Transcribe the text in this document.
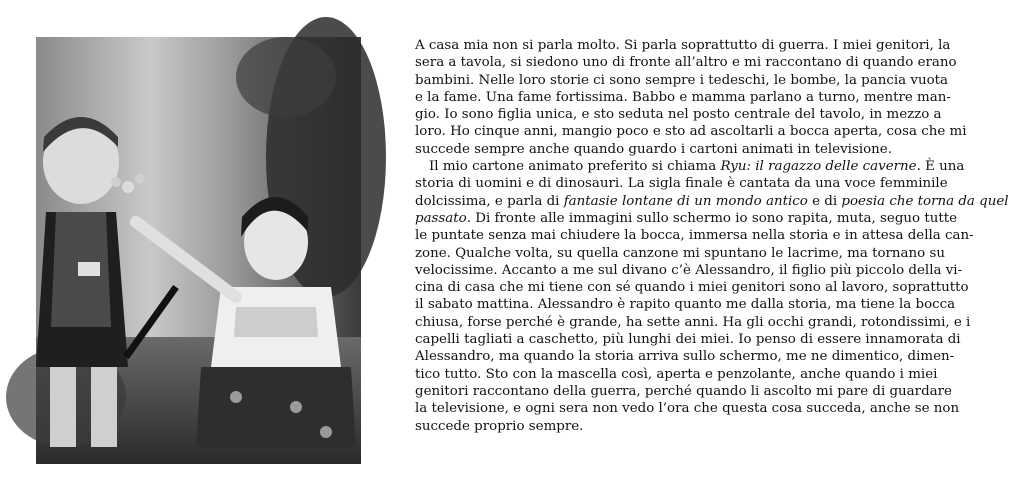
A casa mia non si parla molto. Si parla soprattutto di guerra. I miei genitori, la
sera a tavola, si siedono uno di fronte all’altro e mi raccontano di quando erano
bambini. Nelle loro storie ci sono sempre i tedeschi, le bombe, la pancia vuota
e la fame. Una fame fortissima. Babbo e mamma parlano a turno, mentre man-
gio. Io sono figlia unica, e sto seduta nel posto centrale del tavolo, in mezzo a
loro. Ho cinque anni, mangio poco e sto ad ascoltarli a bocca aperta, cosa che mi
succede sempre anche quando guardo i cartoni animati in televisione.
Il mio cartone animato preferito si chiama Ryu: il ragazzo delle caverne. È una
storia di uomini e di dinosauri. La sigla finale è cantata da una voce femminile
dolcissima, e parla di fantasie lontane di un mondo antico e di poesia che torna da quel
passato. Di fronte alle immagini sullo schermo io sono rapita, muta, seguo tutte
le puntate senza mai chiudere la bocca, immersa nella storia e in attesa della can-
zone. Qualche volta, su quella canzone mi spuntano le lacrime, ma tornano su
velocissime. Accanto a me sul divano c’è Alessandro, il figlio più piccolo della vi-
cina di casa che mi tiene con sé quando i miei genitori sono al lavoro, soprattutto
il sabato mattina. Alessandro è rapito quanto me dalla storia, ma tiene la bocca
chiusa, forse perché è grande, ha sette anni. Ha gli occhi grandi, rotondissimi, e i
capelli tagliati a caschetto, più lunghi dei miei. Io penso di essere innamorata di
Alessandro, ma quando la storia arriva sullo schermo, me ne dimentico, dimen-
tico tutto. Sto con la mascella così, aperta e penzolante, anche quando i miei
genitori raccontano della guerra, perché quando li ascolto mi pare di guardare
la televisione, e ogni sera non vedo l’ora che questa cosa succeda, anche se non
succede proprio sempre.
